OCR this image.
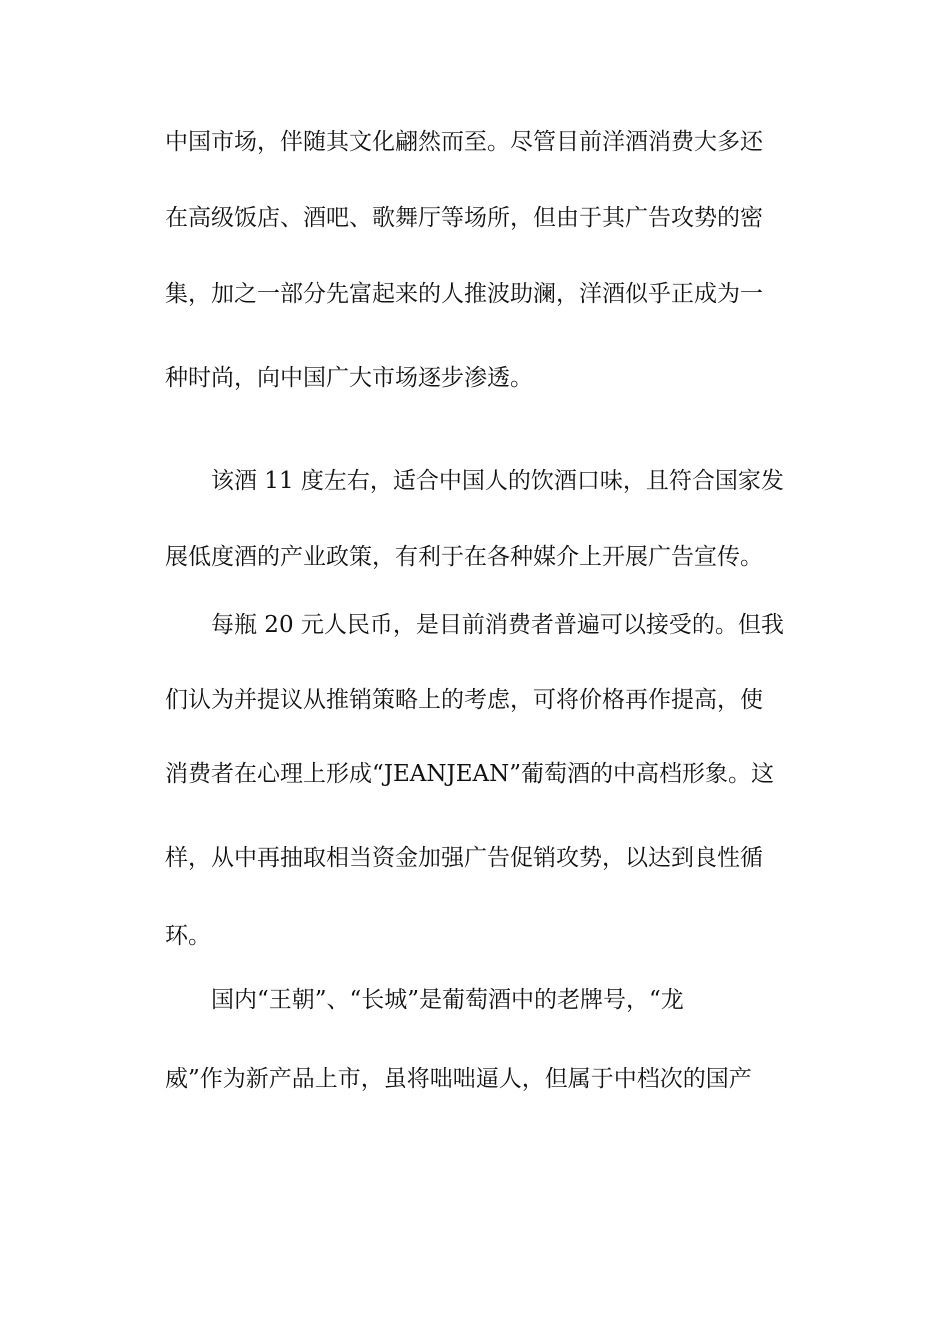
中国市场，伴随其文化翩然而至。尽管目前洋酒消费大多还
在高级饭店、酒吧、歌舞厅等场所，但由于其广告攻势的密
集，加之一部分先富起来的人推波助澜，洋酒似乎正成为一
种时尚，向中国广大市场逐步渗透。
该酒 11 度左右，适合中国人的饮酒口味，且符合国家发
展低度酒的产业政策，有利于在各种媒介上开展广告宣传。
每瓶 20 元人民币，是目前消费者普遍可以接受的。但我
们认为并提议从推销策略上的考虑，可将价格再作提高，使
消费者在心理上形成“JEANJEAN”葡萄酒的中高档形象。这
样，从中再抽取相当资金加强广告促销攻势，以达到良性循
环。
国内“王朝”、“长城”是葡萄酒中的老牌号，“龙
威”作为新产品上市，虽将咄咄逼人，但属于中档次的国产
